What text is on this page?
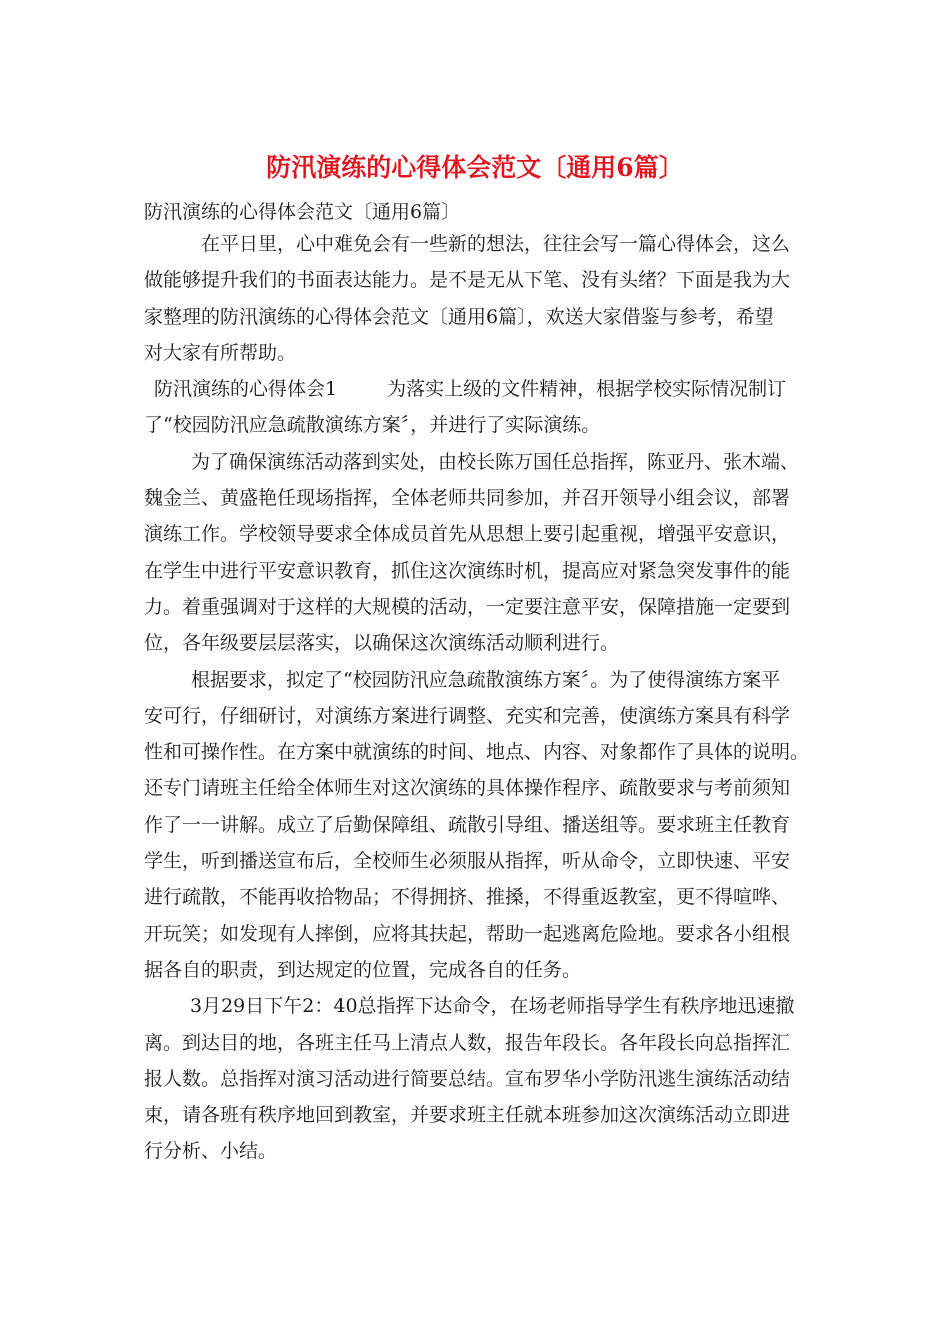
防汛演练的心得体会范文〔通用6篇〕
防汛演练的心得体会范文〔通用6篇〕
在平日里，心中难免会有一些新的想法，往往会写一篇心得体会，这么
做能够提升我们的书面表达能力。是不是无从下笔、没有头绪？下面是我为大
家整理的防汛演练的心得体会范文〔通用6篇〕，欢送大家借鉴与参考，希望
对大家有所帮助。
防汛演练的心得体会1	为落实上级的文件精神，根据学校实际情况制订
了“校园防汛应急疏散演练方案〞，并进行了实际演练。
为了确保演练活动落到实处，由校长陈万国任总指挥，陈亚丹、张木端、
魏金兰、黄盛艳任现场指挥，全体老师共同参加，并召开领导小组会议，部署
演练工作。学校领导要求全体成员首先从思想上要引起重视，增强平安意识，
在学生中进行平安意识教育，抓住这次演练时机，提高应对紧急突发事件的能
力。着重强调对于这样的大规模的活动，一定要注意平安，保障措施一定要到
位，各年级要层层落实，以确保这次演练活动顺利进行。
根据要求，拟定了“校园防汛应急疏散演练方案〞。为了使得演练方案平
安可行，仔细研讨，对演练方案进行调整、充实和完善，使演练方案具有科学
性和可操作性。在方案中就演练的时间、地点、内容、对象都作了具体的说明。
还专门请班主任给全体师生对这次演练的具体操作程序、疏散要求与考前须知
作了一一讲解。成立了后勤保障组、疏散引导组、播送组等。要求班主任教育
学生，听到播送宣布后，全校师生必须服从指挥，听从命令，立即快速、平安
进行疏散，不能再收拾物品；不得拥挤、推搡，不得重返教室，更不得喧哗、
开玩笑；如发现有人摔倒，应将其扶起，帮助一起逃离危险地。要求各小组根
据各自的职责，到达规定的位置，完成各自的任务。
3月29日下午2：40总指挥下达命令，在场老师指导学生有秩序地迅速撤
离。到达目的地，各班主任马上清点人数，报告年段长。各年段长向总指挥汇
报人数。总指挥对演习活动进行简要总结。宣布罗华小学防汛逃生演练活动结
束，请各班有秩序地回到教室，并要求班主任就本班参加这次演练活动立即进
行分析、小结。
